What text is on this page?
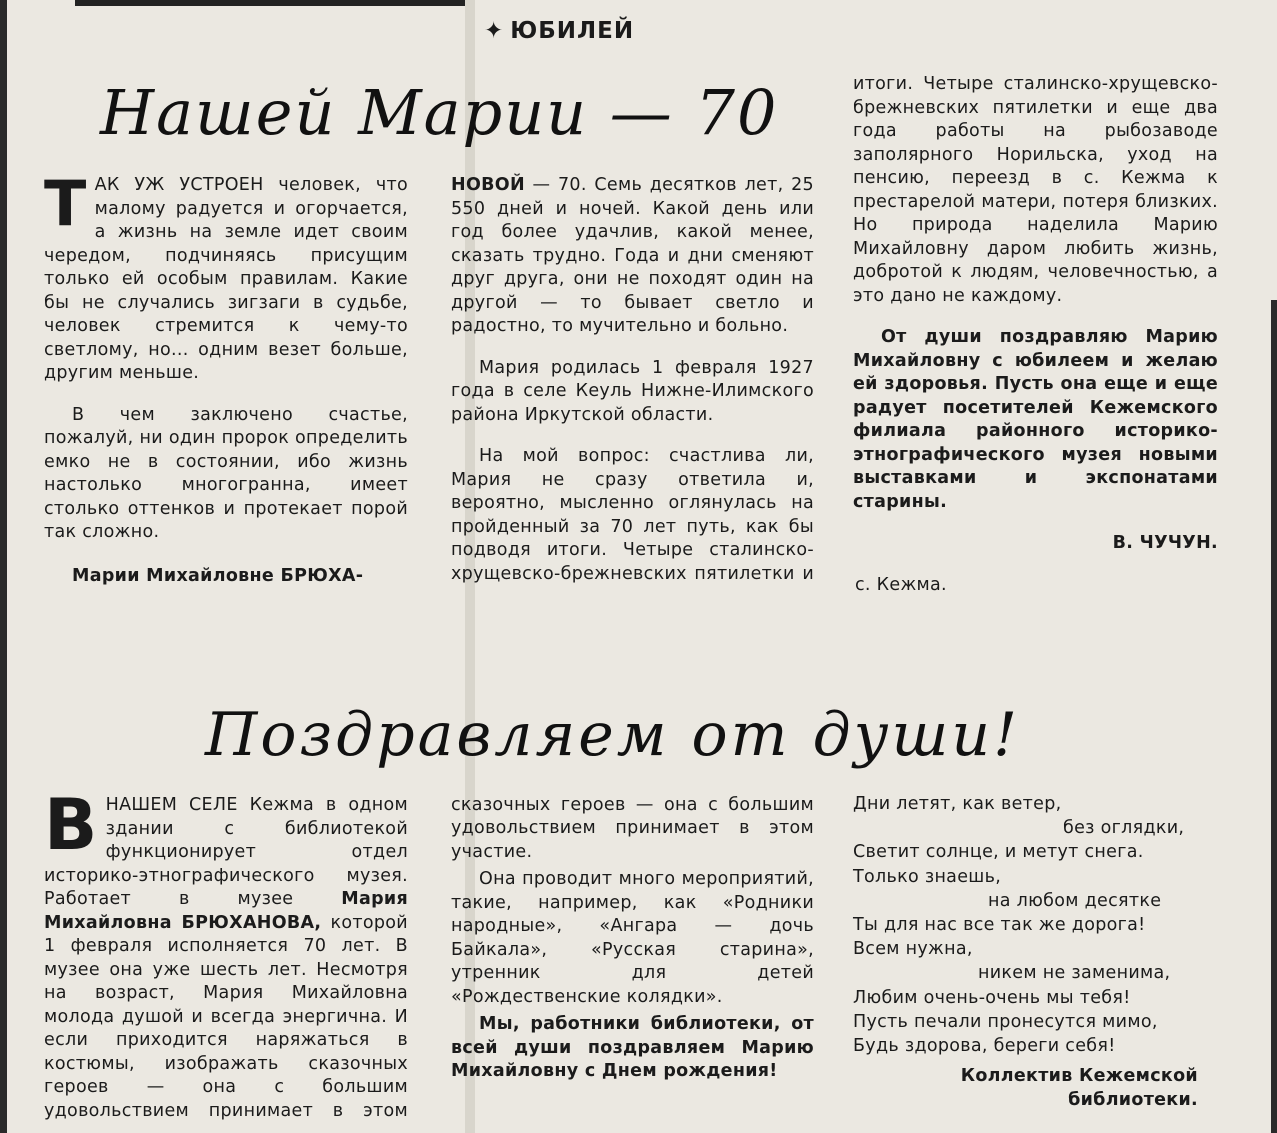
✦ ЮБИЛЕЙ
Нашей Марии — 70

ТАК УЖ УСТРОЕН человек, что малому радуется и огорчается, а жизнь на земле идет своим чередом, подчиняясь присущим только ей особым правилам. Какие бы не случались зигзаги в судьбе, человек стремится к чему-то светлому, но... одним везет больше, другим меньше.

В чем заключено счастье, пожалуй, ни один пророк определить емко не в состоянии, ибо жизнь настолько многогранна, имеет столько оттенков и протекает порой так сложно.

Марии Михайловне БРЮХА-

НОВОЙ — 70. Семь десятков лет, 25 550 дней и ночей. Какой день или год более удачлив, какой менее, сказать трудно. Года и дни сменяют друг друга, они не походят один на другой — то бывает светло и радостно, то мучительно и больно.

Мария родилась 1 февраля 1927 года в селе Кеуль Нижне-Илимского района Иркутской области.

На мой вопрос: счастлива ли, Мария не сразу ответила и, вероятно, мысленно оглянулась на пройденный за 70 лет путь, как бы подводя итоги. Четыре сталинско-хрущевско-брежневских пятилетки и

итоги. Четыре сталинско-хрущевско-брежневских пятилетки и еще два года работы на рыбозаводе заполярного Норильска, уход на пенсию, переезд в с. Кежма к престарелой матери, потеря близких. Но природа наделила Марию Михайловну даром любить жизнь, добротой к людям, человечностью, а это дано не каждому.

От души поздравляю Марию Михайловну с юбилеем и желаю ей здоровья. Пусть она еще и еще радует посетителей Кежемского филиала районного историко-этнографического музея новыми выставками и экспонатами старины.

В. ЧУЧУН.

с. Кежма.

Поздравляем от души!

ВНАШЕМ СЕЛЕ Кежма в одном здании с библиотекой функционирует отдел историко-этнографического музея. Работает в музее Мария Михайловна БРЮХАНОВА, которой 1 февраля исполняется 70 лет. В музее она уже шесть лет. Несмотря на возраст, Мария Михайловна молода душой и всегда энергична. И если приходится наряжаться в костюмы, изображать сказочных героев — она с большим удовольствием принимает в этом

сказочных героев — она с большим удовольствием принимает в этом участие.

Она проводит много мероприятий, такие, например, как «Родники народные», «Ангара — дочь Байкала», «Русская старина», утренник для детей «Рождественские колядки».

Мы, работники библиотеки, от всей души поздравляем Марию Михайловну с Днем рождения!

Дни летят, как ветер,
без оглядки,
Светит солнце, и метут снега.
Только знаешь,
на любом десятке
Ты для нас все так же дорога!
Всем нужна,
никем не заменима,
Любим очень-очень мы тебя!
Пусть печали пронесутся мимо,
Будь здорова, береги себя!
Коллектив Кежемской библиотеки.
